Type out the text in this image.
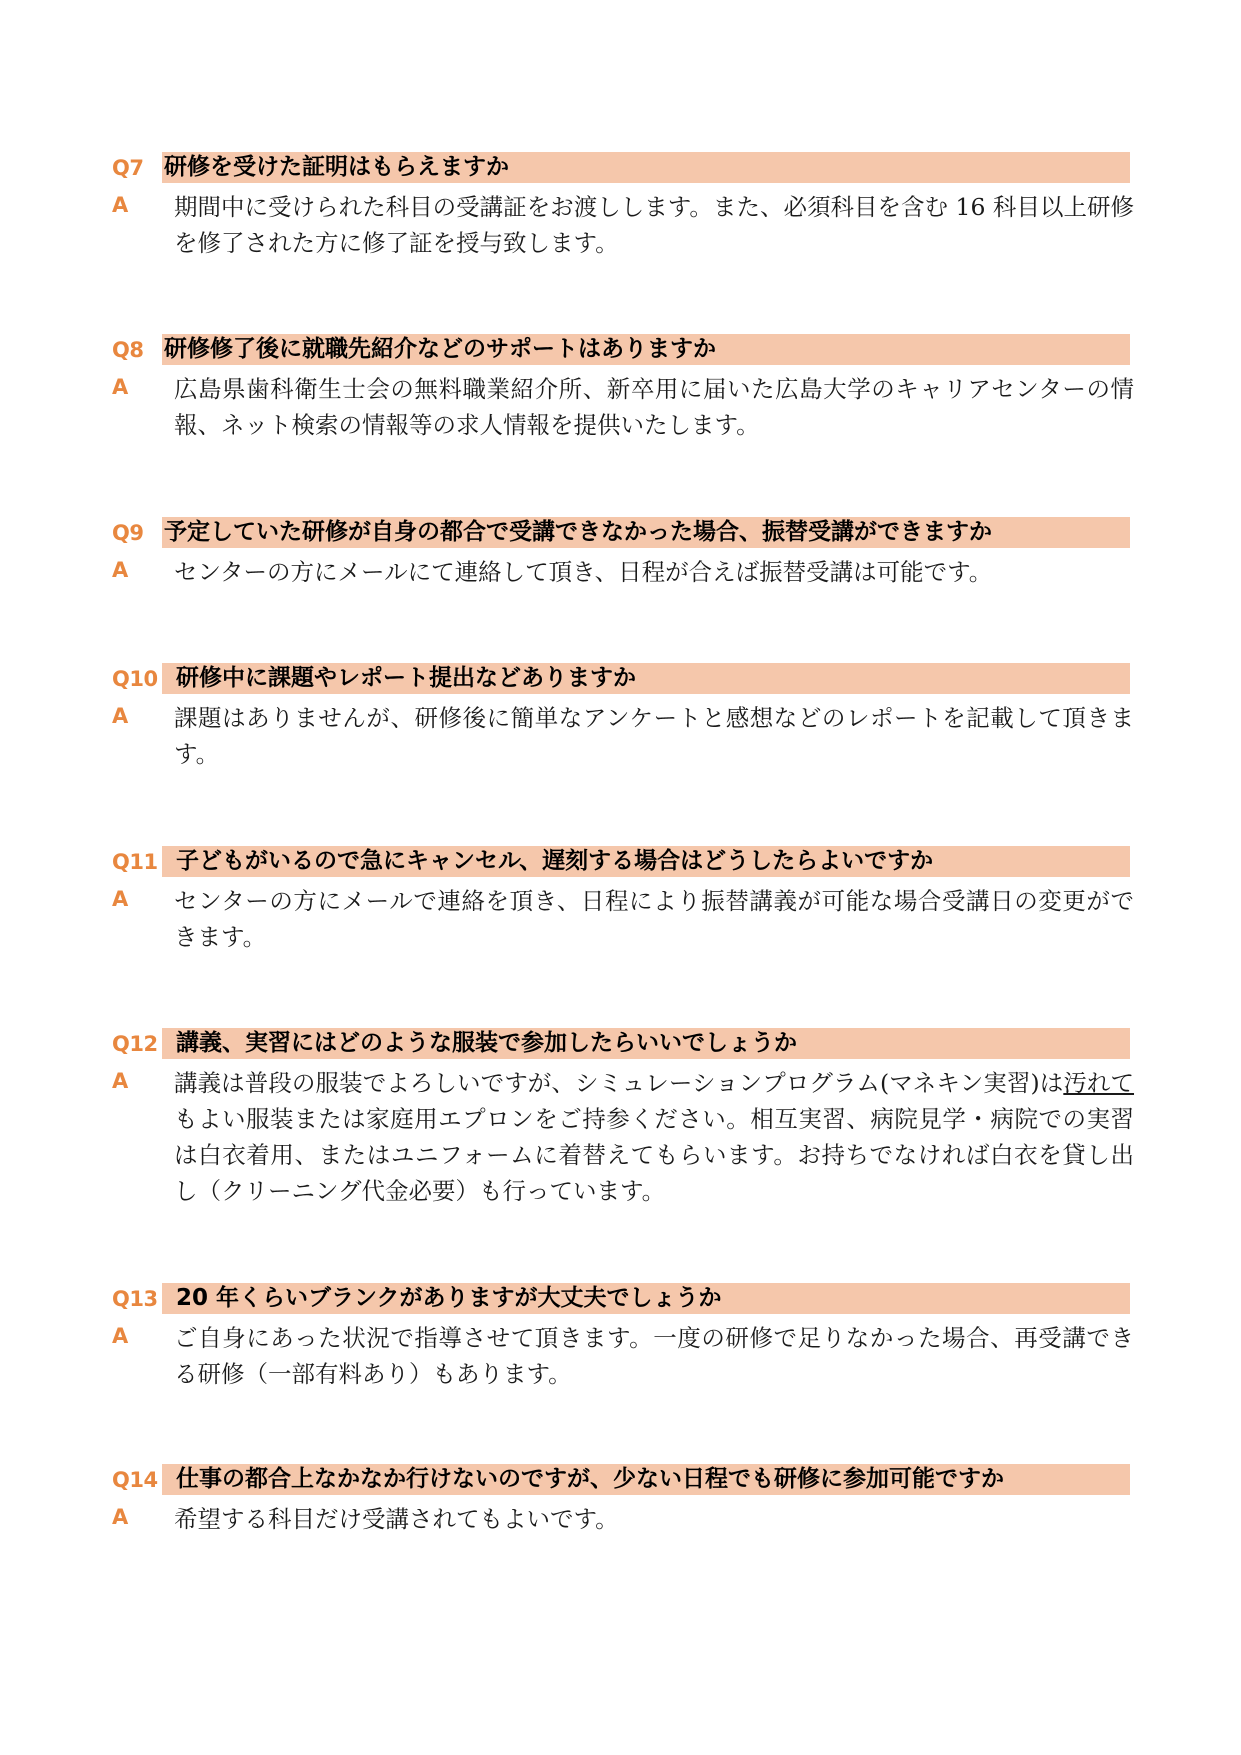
Q7 研修を受けた証明はもらえますか
A 期間中に受けられた科目の受講証をお渡しします。また、必須科目を含む 16 科目以上研修を修了された方に修了証を授与致します。
Q8 研修修了後に就職先紹介などのサポートはありますか
A 広島県歯科衛生士会の無料職業紹介所、新卒用に届いた広島大学のキャリアセンターの情報、ネット検索の情報等の求人情報を提供いたします。
Q9 予定していた研修が自身の都合で受講できなかった場合、振替受講ができますか
A センターの方にメールにて連絡して頂き、日程が合えば振替受講は可能です。
Q10 研修中に課題やレポート提出などありますか
A 課題はありませんが、研修後に簡単なアンケートと感想などのレポートを記載して頂きます。
Q11 子どもがいるので急にキャンセル、遅刻する場合はどうしたらよいですか
A センターの方にメールで連絡を頂き、日程により振替講義が可能な場合受講日の変更ができます。
Q12 講義、実習にはどのような服装で参加したらいいでしょうか
A 講義は普段の服装でよろしいですが、シミュレーションプログラム(マネキン実習)は汚れてもよい服装または家庭用エプロンをご持参ください。相互実習、病院見学・病院での実習は白衣着用、またはユニフォームに着替えてもらいます。お持ちでなければ白衣を貸し出し（クリーニング代金必要）も行っています。
Q13 20 年くらいブランクがありますが大丈夫でしょうか
A ご自身にあった状況で指導させて頂きます。一度の研修で足りなかった場合、再受講できる研修（一部有料あり）もあります。
Q14 仕事の都合上なかなか行けないのですが、少ない日程でも研修に参加可能ですか
A 希望する科目だけ受講されてもよいです。
